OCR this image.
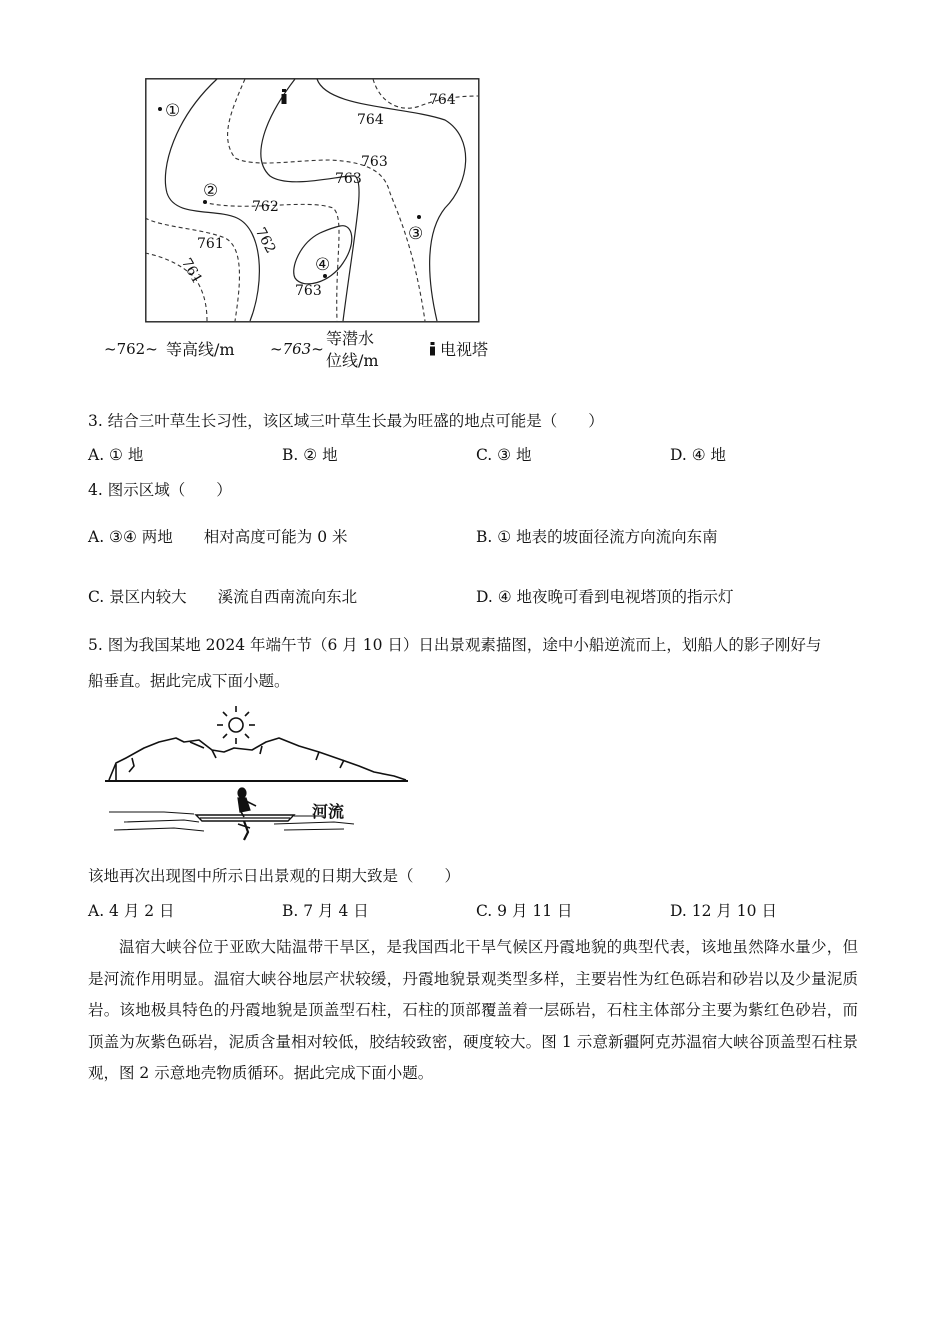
764
764
763
763
762
762
761
761
763
①
②
③
④
~762~ 等高线/m ~763~
等潜水
位线/m
电视塔
3. 结合三叶草生长习性，该区域三叶草生长最为旺盛的地点可能是（　　）
A. ① 地	B. ② 地	C. ③ 地	D. ④ 地
4. 图示区域（　　）
A. ③④ 两地　　相对高度可能为 0 米	B. ① 地表的坡面径流方向流向东南
C. 景区内较大　　溪流自西南流向东北	D. ④ 地夜晚可看到电视塔顶的指示灯
5. 图为我国某地 2024 年端午节（6 月 10 日）日出景观素描图，途中小船逆流而上，划船人的影子刚好与
船垂直。据此完成下面小题。
河流
该地再次出现图中所示日出景观的日期大致是（　　）
A. 4 月 2 日	B. 7 月 4 日	C. 9 月 11 日	D. 12 月 10 日
温宿大峡谷位于亚欧大陆温带干旱区，是我国西北干旱气候区丹霞地貌的典型代表，该地虽然降水量少，但是河流作用明显。温宿大峡谷地层产状较缓，丹霞地貌景观类型多样，主要岩性为红色砾岩和砂岩以及少量泥质岩。该地极具特色的丹霞地貌是顶盖型石柱，石柱的顶部覆盖着一层砾岩，石柱主体部分主要为紫红色砂岩，而顶盖为灰紫色砾岩，泥质含量相对较低，胶结较致密，硬度较大。图 1 示意新疆阿克苏温宿大峡谷顶盖型石柱景观，图 2 示意地壳物质循环。据此完成下面小题。
